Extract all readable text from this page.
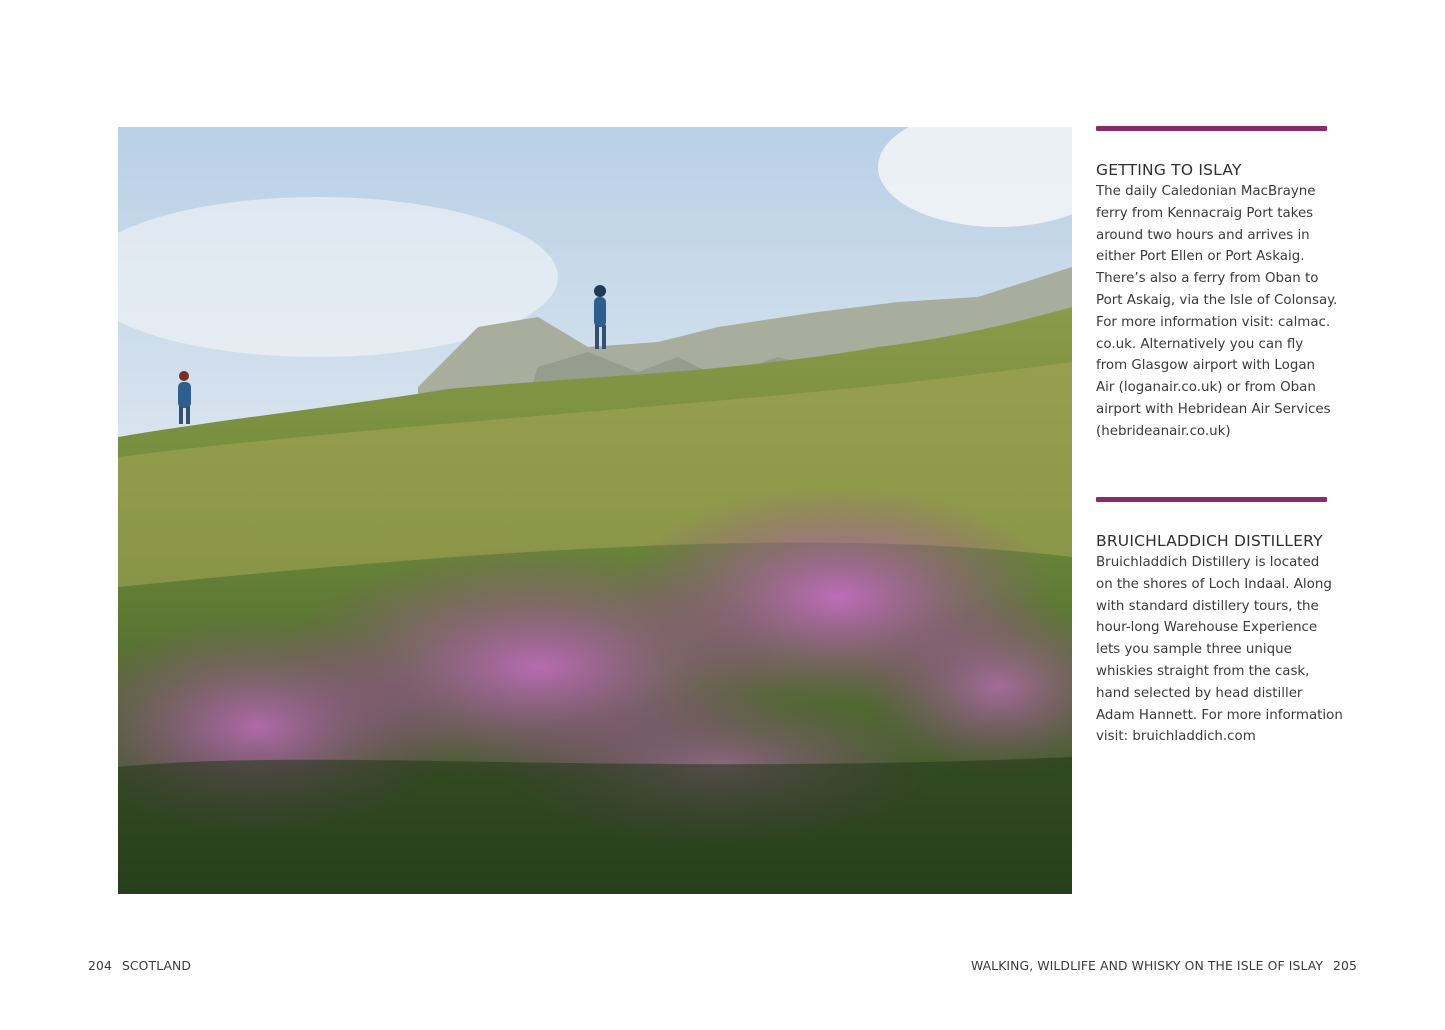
GETTING TO ISLAY

The daily Caledonian MacBrayne
ferry from Kennacraig Port takes
around two hours and arrives in
either Port Ellen or Port Askaig.
There’s also a ferry from Oban to
Port Askaig, via the Isle of Colonsay.
For more information visit: calmac.
co.uk. Alternatively you can fly
from Glasgow airport with Logan
Air (loganair.co.uk) or from Oban
airport with Hebridean Air Services
(hebrideanair.co.uk)

BRUICHLADDICH DISTILLERY

Bruichladdich Distillery is located
on the shores of Loch Indaal. Along
with standard distillery tours, the
hour-long Warehouse Experience
lets you sample three unique
whiskies straight from the cask,
hand selected by head distiller
Adam Hannett. For more information
visit: bruichladdich.com

204 SCOTLAND	WALKING, WILDLIFE AND WHISKY ON THE ISLE OF ISLAY 205
